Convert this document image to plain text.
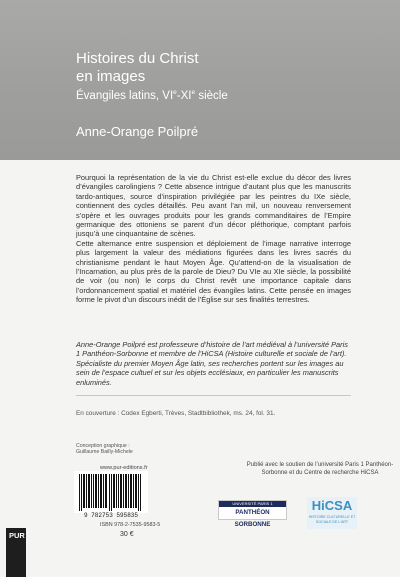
Histoires du Christ
en images
Évangiles latins, VIe-XIe siècle
Anne-Orange Poilpré

Pourquoi la représentation de la vie du Christ est-elle exclue du décor des livres d’évangiles carolingiens ? Cette absence intrigue d’autant plus que les manuscrits tardo-antiques, source d’inspiration privilégiée par les peintres du IXe siècle, contiennent des cycles détaillés. Peu avant l’an mil, un nouveau renversement s’opère et les ouvrages produits pour les grands commanditaires de l’Empire germanique des ottoniens se parent d’un décor pléthorique, comptant parfois jusqu’à une cinquantaine de scènes.

Cette alternance entre suspension et déploiement de l’image narrative interroge plus largement la valeur des médiations figurées dans les livres sacrés du christianisme pendant le haut Moyen Âge. Qu’attend-on de la visualisation de l’Incarnation, au plus près de la parole de Dieu? Du VIe au XIe siècle, la possibilité de voir (ou non) le corps du Christ revêt une importance capitale dans l’ordonnancement spatial et matériel des évangiles latins. Cette pensée en images forme le pivot d’un discours inédit de l’Église sur ses finalités terrestres.

Anne-Orange Poilpré est professeure d’histoire de l’art médiéval à l’université Paris 1 Panthéon-Sorbonne et membre de l’HiCSA (Histoire culturelle et sociale de l’art). Spécialiste du premier Moyen Âge latin, ses recherches portent sur les images au sein de l’espace cultuel et sur les objets ecclésiaux, en particulier les manuscrits enluminés.
En couverture : Codex Egberti, Trèves, Stadtbibliothek, ms. 24, fol. 31.
Conception graphique :
Guillaume Bailly-Michele
www.pur-editions.fr
9 782753 595835
ISBN 978-2-7535-9583-5
30 €
Publié avec le soutien de l’université Paris 1 Panthéon-Sorbonne et du Centre de recherche HiCSA
UNIVERSITÉ PARIS 1
PANTHÉON SORBONNE
HiCSA
HISTOIRE CULTURELLE ET SOCIALE DE L’ART
PUR
